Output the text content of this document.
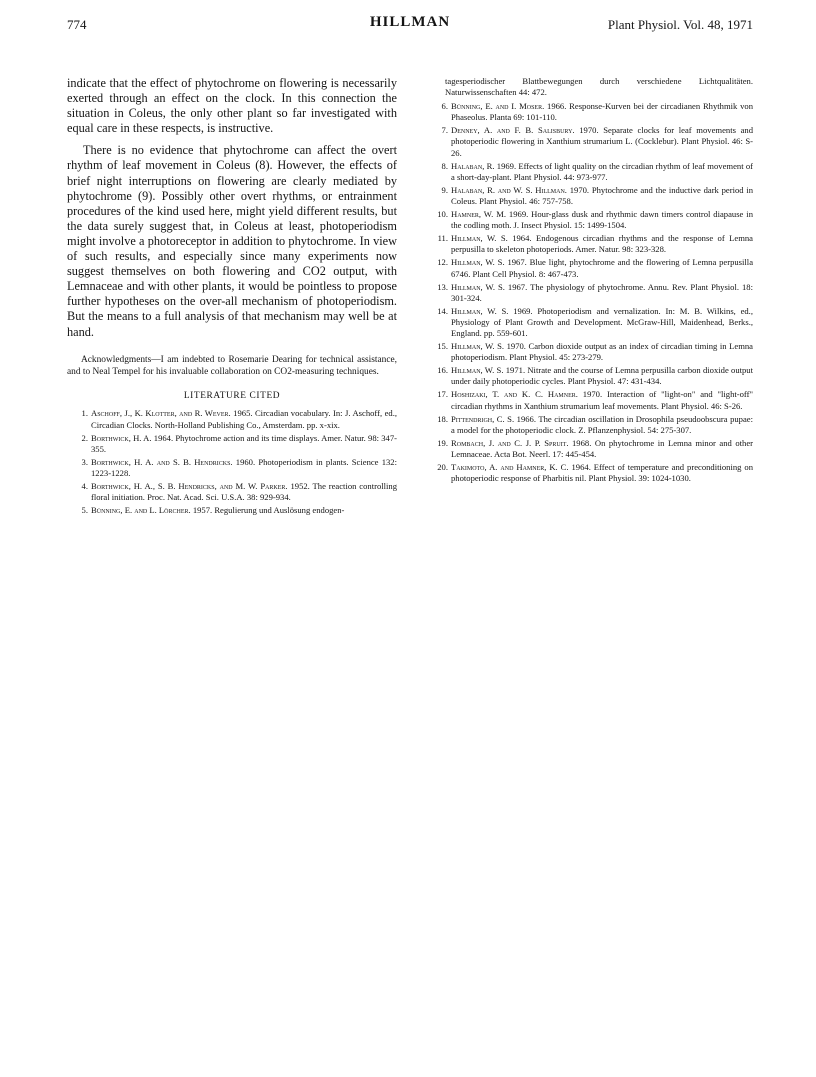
774	HILLMAN	Plant Physiol. Vol. 48, 1971

indicate that the effect of phytochrome on flowering is necessarily exerted through an effect on the clock. In this connection the situation in Coleus, the only other plant so far investigated with equal care in these respects, is instructive.

There is no evidence that phytochrome can affect the overt rhythm of leaf movement in Coleus (8). However, the effects of brief night interruptions on flowering are clearly mediated by phytochrome (9). Possibly other overt rhythms, or entrainment procedures of the kind used here, might yield different results, but the data surely suggest that, in Coleus at least, photoperiodism might involve a photoreceptor in addition to phytochrome. In view of such results, and especially since many experiments now suggest themselves on both flowering and CO2 output, with Lemnaceae and with other plants, it would be pointless to propose further hypotheses on the over-all mechanism of photoperiodism. But the means to a full analysis of that mechanism may well be at hand.

Acknowledgments—I am indebted to Rosemarie Dearing for technical assistance, and to Neal Tempel for his invaluable collaboration on CO2-measuring techniques.

LITERATURE CITED
1. Aschoff, J., K. Klotter, and R. Wever. 1965. Circadian vocabulary. In: J. Aschoff, ed., Circadian Clocks. North-Holland Publishing Co., Amsterdam. pp. x-xix.
2. Borthwick, H. A. 1964. Phytochrome action and its time displays. Amer. Natur. 98: 347-355.
3. Borthwick, H. A. and S. B. Hendricks. 1960. Photoperiodism in plants. Science 132: 1223-1228.
4. Borthwick, H. A., S. B. Hendricks, and M. W. Parker. 1952. The reaction controlling floral initiation. Proc. Nat. Acad. Sci. U.S.A. 38: 929-934.
5. Bünning, E. and L. Lörcher. 1957. Regulierung und Auslösung endogen-
tagesperiodischer Blattbewegungen durch verschiedene Lichtqualitäten. Naturwissenschaften 44: 472.
6. Bünning, E. and I. Moser. 1966. Response-Kurven bei der circadianen Rhythmik von Phaseolus. Planta 69: 101-110.
7. Denney, A. and F. B. Salisbury. 1970. Separate clocks for leaf movements and photoperiodic flowering in Xanthium strumarium L. (Cocklebur). Plant Physiol. 46: S-26.
8. Halaban, R. 1969. Effects of light quality on the circadian rhythm of leaf movement of a short-day-plant. Plant Physiol. 44: 973-977.
9. Halaban, R. and W. S. Hillman. 1970. Phytochrome and the inductive dark period in Coleus. Plant Physiol. 46: 757-758.
10. Hamner, W. M. 1969. Hour-glass dusk and rhythmic dawn timers control diapause in the codling moth. J. Insect Physiol. 15: 1499-1504.
11. Hillman, W. S. 1964. Endogenous circadian rhythms and the response of Lemna perpusilla to skeleton photoperiods. Amer. Natur. 98: 323-328.
12. Hillman, W. S. 1967. Blue light, phytochrome and the flowering of Lemna perpusilla 6746. Plant Cell Physiol. 8: 467-473.
13. Hillman, W. S. 1967. The physiology of phytochrome. Annu. Rev. Plant Physiol. 18: 301-324.
14. Hillman, W. S. 1969. Photoperiodism and vernalization. In: M. B. Wilkins, ed., Physiology of Plant Growth and Development. McGraw-Hill, Maidenhead, Berks., England. pp. 559-601.
15. Hillman, W. S. 1970. Carbon dioxide output as an index of circadian timing in Lemna photoperiodism. Plant Physiol. 45: 273-279.
16. Hillman, W. S. 1971. Nitrate and the course of Lemna perpusilla carbon dioxide output under daily photoperiodic cycles. Plant Physiol. 47: 431-434.
17. Hoshizaki, T. and K. C. Hamner. 1970. Interaction of "light-on" and "light-off" circadian rhythms in Xanthium strumarium leaf movements. Plant Physiol. 46: S-26.
18. Pittendrigh, C. S. 1966. The circadian oscillation in Drosophila pseudoobscura pupae: a model for the photoperiodic clock. Z. Pflanzenphysiol. 54: 275-307.
19. Rombach, J. and C. J. P. Spruit. 1968. On phytochrome in Lemna minor and other Lemnaceae. Acta Bot. Neerl. 17: 445-454.
20. Takimoto, A. and Hamner, K. C. 1964. Effect of temperature and preconditioning on photoperiodic response of Pharbitis nil. Plant Physiol. 39: 1024-1030.
